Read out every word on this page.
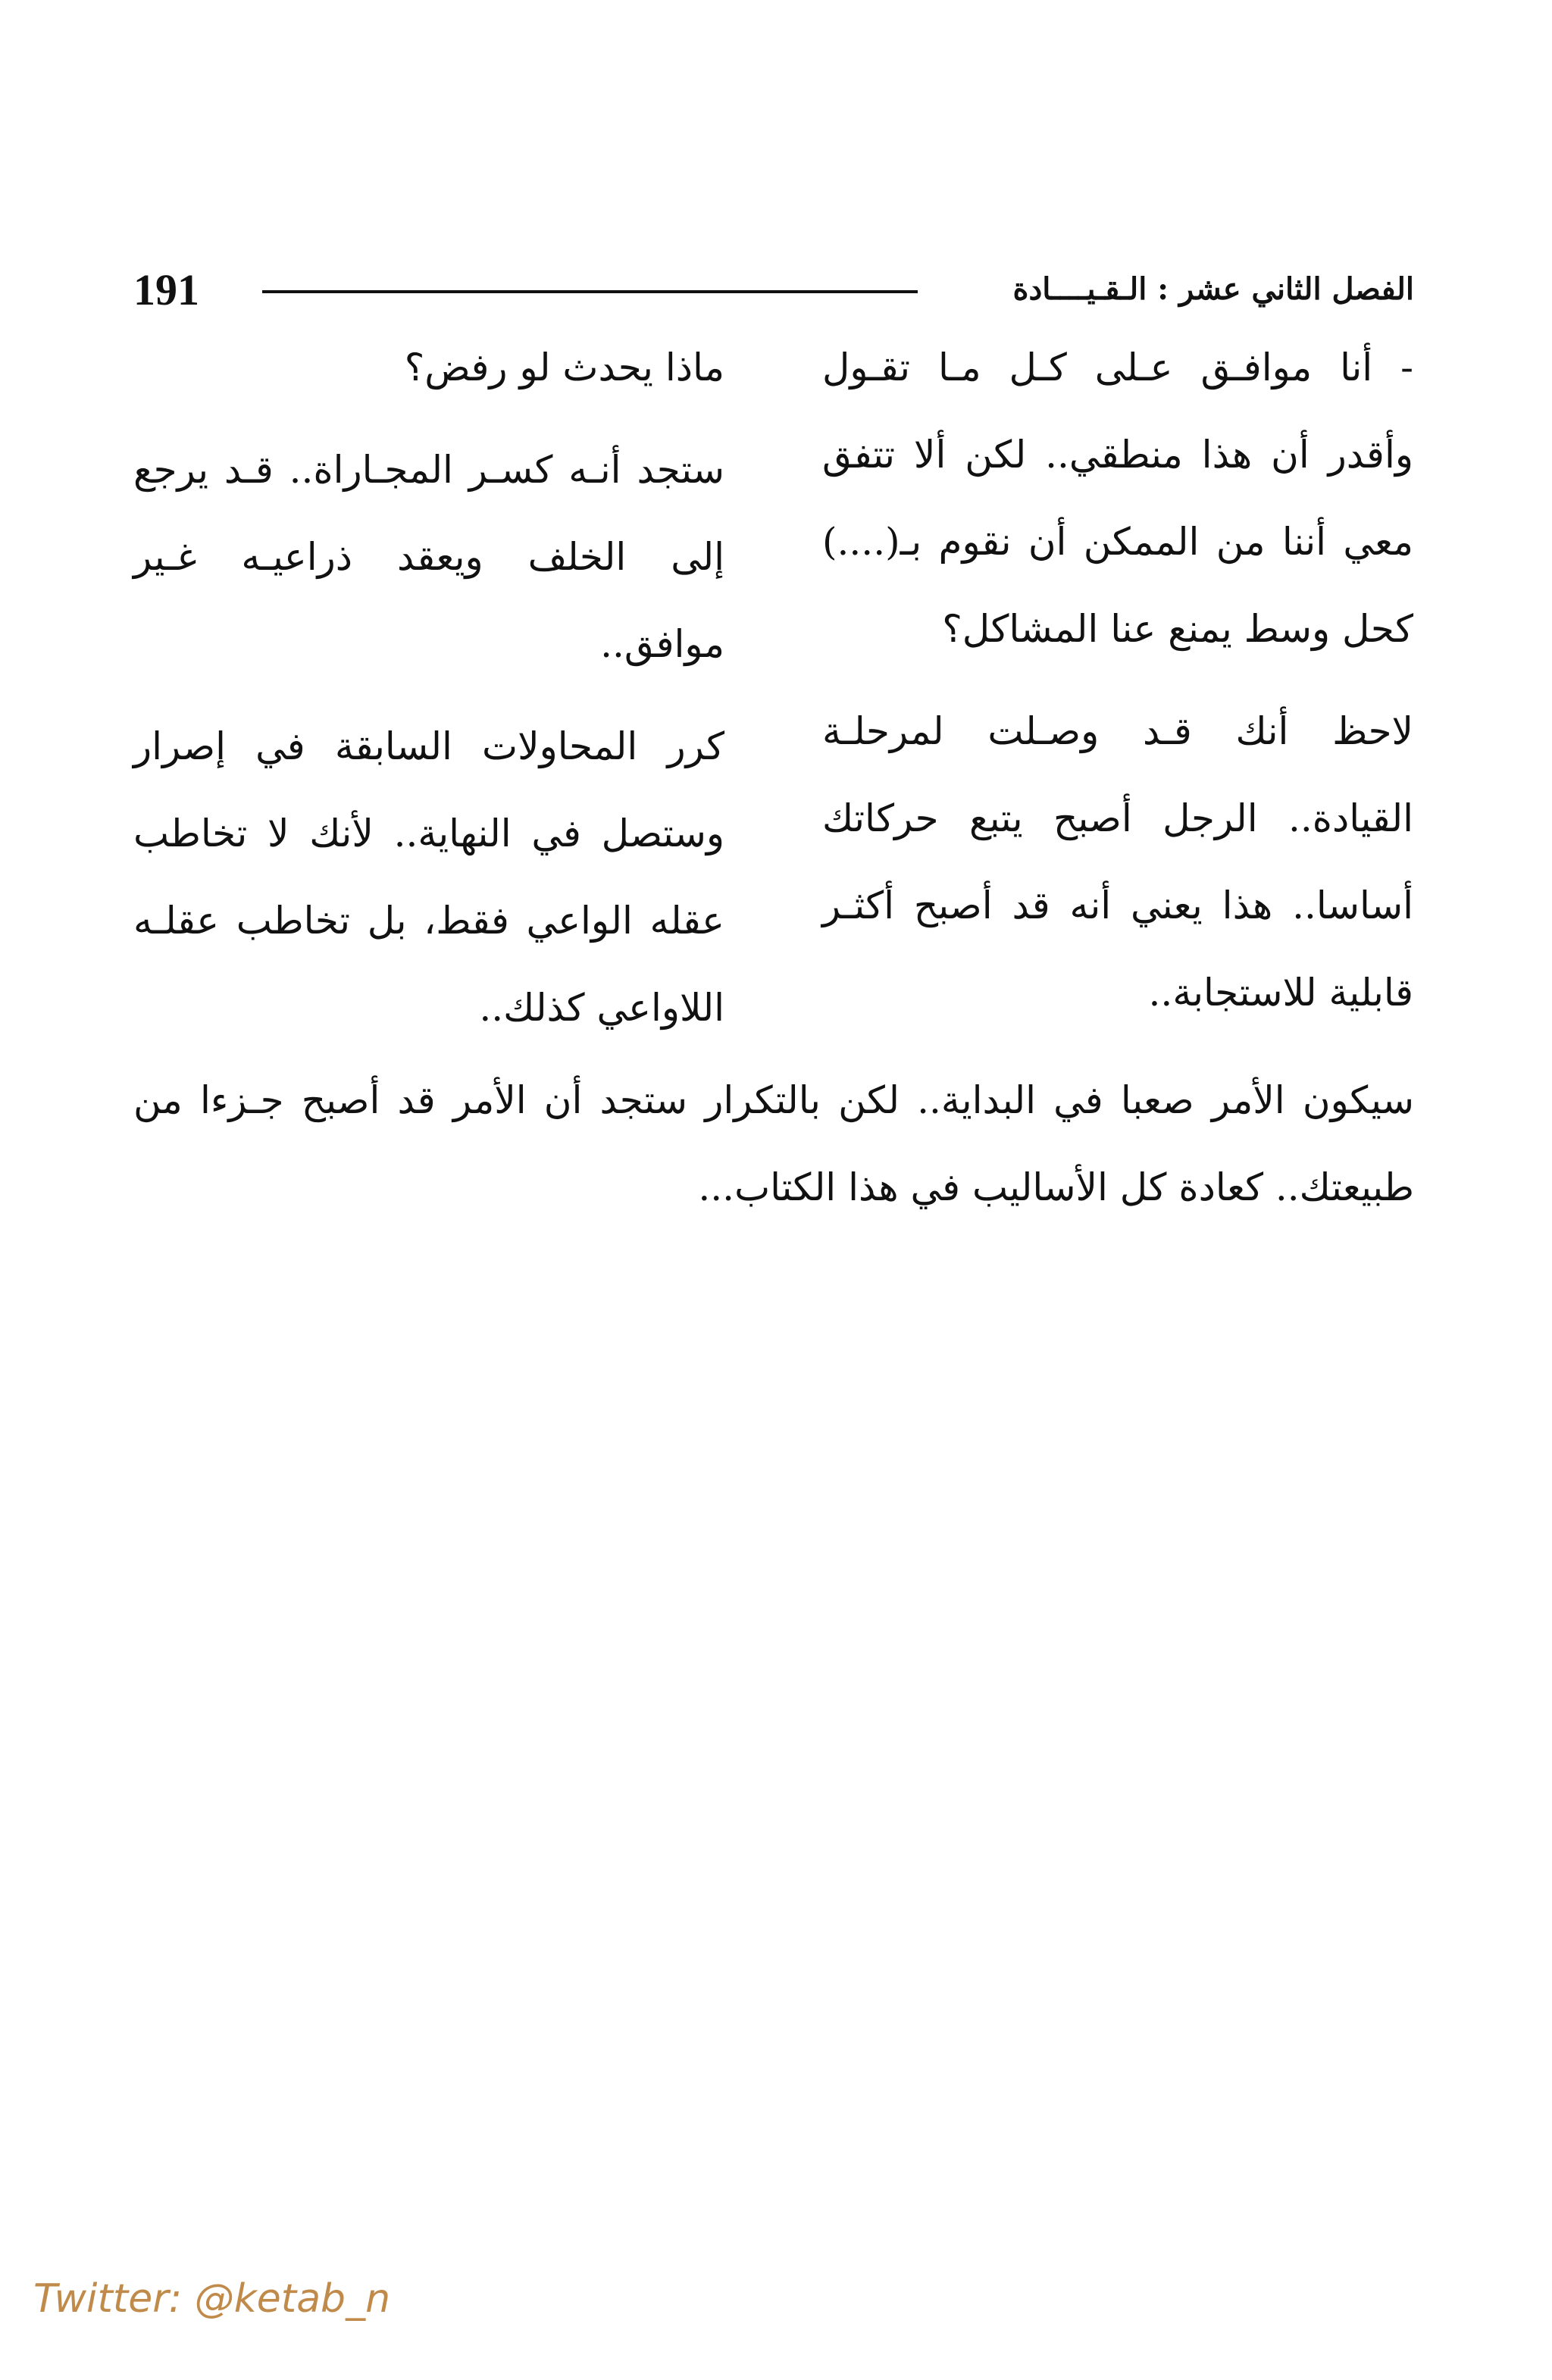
191	الفصل الثاني عشر : الـقـيــــادة

- أنا موافـق عـلى كـل مـا تقـول وأقدر أن هذا منطقي.. لكن ألا تتفق معي أننا من الممكن أن نقوم بـ(....) كحل وسط يمنع عنا المشاكل؟

لاحظ أنك قـد وصـلت لمرحلـة القيادة.. الرجل أصبح يتبع حركاتك أساسا.. هذا يعني أنه قد أصبح أكثـر قابلية للاستجابة..

ماذا يحدث لو رفض؟

ستجد أنـه كسـر المجـاراة.. قـد يرجع إلى الخلف ويعقد ذراعيـه غـير موافق..

كرر المحاولات السابقة في إصرار وستصل في النهاية.. لأنك لا تخاطب عقله الواعي فقط، بل تخاطب عقلـه اللاواعي كذلك..

سيكون الأمر صعبا في البداية.. لكن بالتكرار ستجد أن الأمر قد أصبح جـزءا من طبيعتك.. كعادة كل الأساليب في هذا الكتاب...

Twitter: @ketab_n
